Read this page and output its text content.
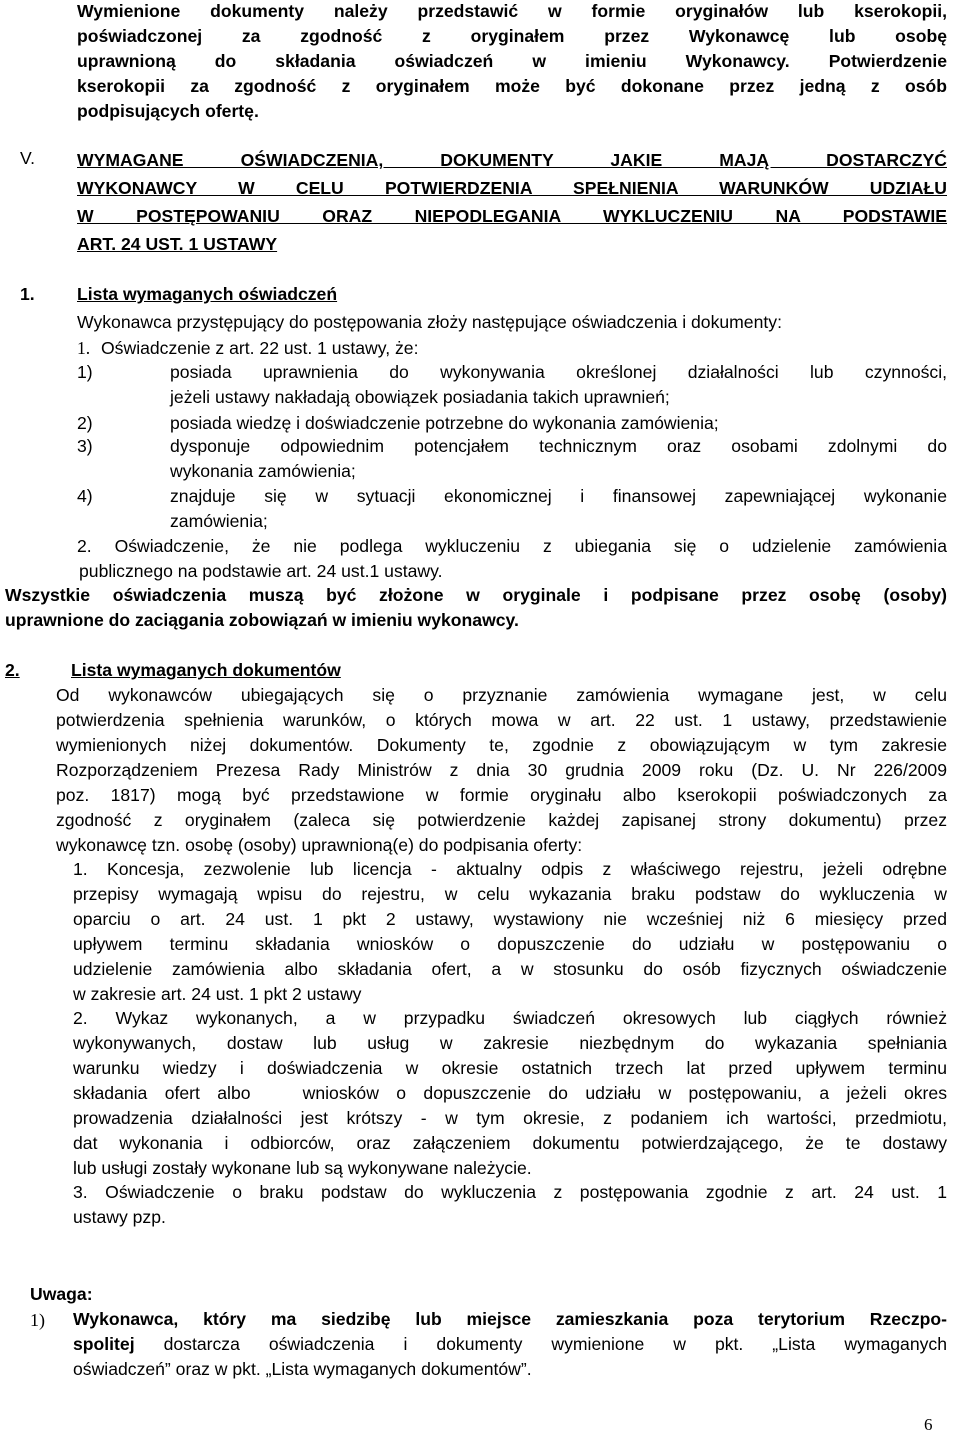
Wymienione dokumenty należy przedstawić w formie oryginałów lub kserokopii,
poświadczonej za zgodność z oryginałem przez Wykonawcę lub osobę
uprawnioną do składania oświadczeń w imieniu Wykonawcy. Potwierdzenie
kserokopii za zgodność z oryginałem może być dokonane przez jedną z osób
podpisujących ofertę.
V. WYMAGANE OŚWIADCZENIA, DOKUMENTY JAKIE MAJĄ DOSTARCZYĆ
WYKONAWCY W CELU POTWIERDZENIA SPEŁNIENIA WARUNKÓW UDZIAŁU
W POSTĘPOWANIU ORAZ NIEPODLEGANIA WYKLUCZENIU NA PODSTAWIE
ART. 24 UST. 1 USTAWY
1. Lista wymaganych oświadczeń
Wykonawca przystępujący do postępowania złoży następujące oświadczenia i dokumenty:
1. Oświadczenie z art. 22 ust. 1 ustawy, że:
1)	posiada uprawnienia do wykonywania określonej działalności lub czynności,
jeżeli ustawy nakładają obowiązek posiadania takich uprawnień;
2)	posiada wiedzę i doświadczenie potrzebne do wykonania zamówienia;
3)	dysponuje odpowiednim potencjałem technicznym oraz osobami zdolnymi do
wykonania zamówienia;
4)	znajduje się w sytuacji ekonomicznej i finansowej zapewniającej wykonanie
zamówienia;
2. Oświadczenie, że nie podlega wykluczeniu z ubiegania się o udzielenie zamówienia
publicznego na podstawie art. 24 ust.1 ustawy.
Wszystkie oświadczenia muszą być złożone w oryginale i podpisane przez osobę (osoby)
uprawnione do zaciągania zobowiązań w imieniu wykonawcy.
2.	Lista wymaganych dokumentów
Od wykonawców ubiegających się o przyznanie zamówienia wymagane jest, w celu
potwierdzenia spełnienia warunków, o których mowa w art. 22 ust. 1 ustawy, przedstawienie
wymienionych niżej dokumentów. Dokumenty te, zgodnie z obowiązującym w tym zakresie
Rozporządzeniem Prezesa Rady Ministrów z dnia 30 grudnia 2009 roku (Dz. U. Nr 226/2009
poz. 1817) mogą być przedstawione w formie oryginału albo kserokopii poświadczonych za
zgodność z oryginałem (zaleca się potwierdzenie każdej zapisanej strony dokumentu) przez
wykonawcę tzn. osobę (osoby) uprawnioną(e) do podpisania oferty:
1. Koncesja, zezwolenie lub licencja - aktualny odpis z właściwego rejestru, jeżeli odrębne
przepisy wymagają wpisu do rejestru, w celu wykazania braku podstaw do wykluczenia w
oparciu o art. 24 ust. 1 pkt 2 ustawy, wystawiony nie wcześniej niż 6 miesięcy przed
upływem terminu składania wniosków o dopuszczenie do udziału w postępowaniu o
udzielenie zamówienia albo składania ofert, a w stosunku do osób fizycznych oświadczenie
w zakresie art. 24 ust. 1 pkt 2 ustawy
2. Wykaz wykonanych, a w przypadku świadczeń okresowych lub ciągłych również
wykonywanych, dostaw lub usług w zakresie niezbędnym do wykazania spełniania
warunku wiedzy i doświadczenia w okresie ostatnich trzech lat przed upływem terminu
składania ofert albo   wniosków o dopuszczenie do udziału w postępowaniu, a jeżeli okres
prowadzenia działalności jest krótszy - w tym okresie, z podaniem ich wartości, przedmiotu,
dat wykonania i odbiorców, oraz załączeniem dokumentu potwierdzającego, że te dostawy
lub usługi zostały wykonane lub są wykonywane należycie.
3. Oświadczenie o braku podstaw do wykluczenia z postępowania zgodnie z art. 24 ust. 1
ustawy pzp.
Uwaga:
1) Wykonawca, który ma siedzibę lub miejsce zamieszkania poza terytorium Rzeczpo-
spolitej dostarcza oświadczenia i dokumenty wymienione w pkt. „Lista wymaganych
oświadczeń” oraz w pkt. „Lista wymaganych dokumentów”.
6
